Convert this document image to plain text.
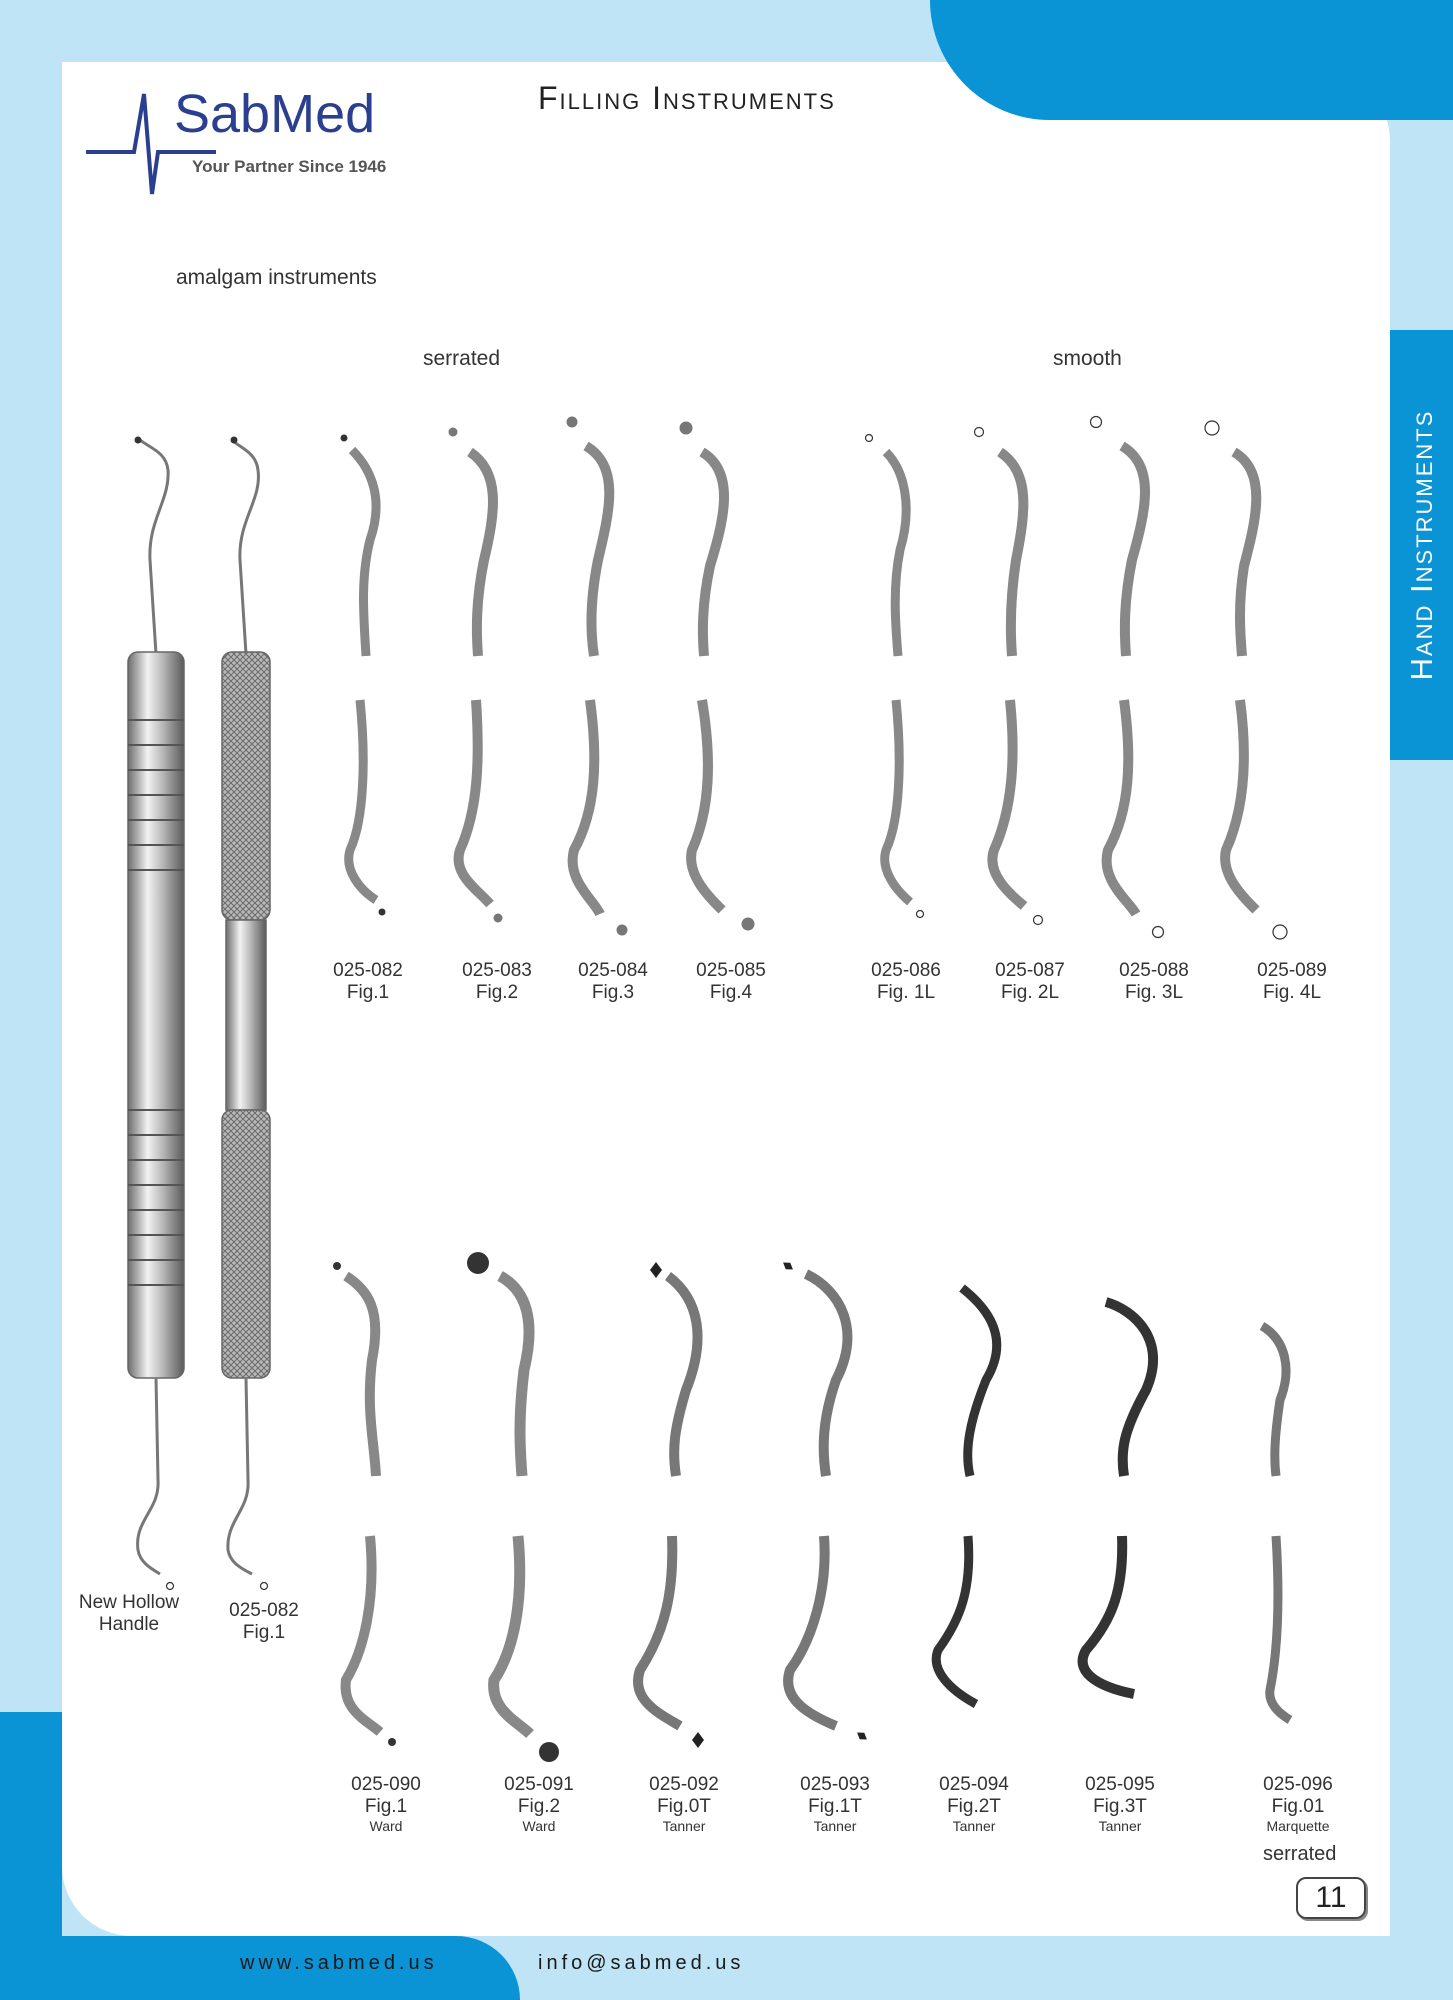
Hand Instruments
SabMed
Your Partner Since 1946
Filling Instruments
amalgam instruments
serrated	smooth
025-082
Fig.1
025-083
Fig.2
025-084
Fig.3
025-085
Fig.4
025-086
Fig. 1L
025-087
Fig. 2L
025-088
Fig. 3L
025-089
Fig. 4L
New Hollow Handle
025-082
Fig.1
025-090
Fig.1
Ward
025-091
Fig.2
Ward
025-092
Fig.0T
Tanner
025-093
Fig.1T
Tanner
025-094
Fig.2T
Tanner
025-095
Fig.3T
Tanner
025-096
Fig.01
Marquette
serrated
11
www.sabmed.us	info@sabmed.us
